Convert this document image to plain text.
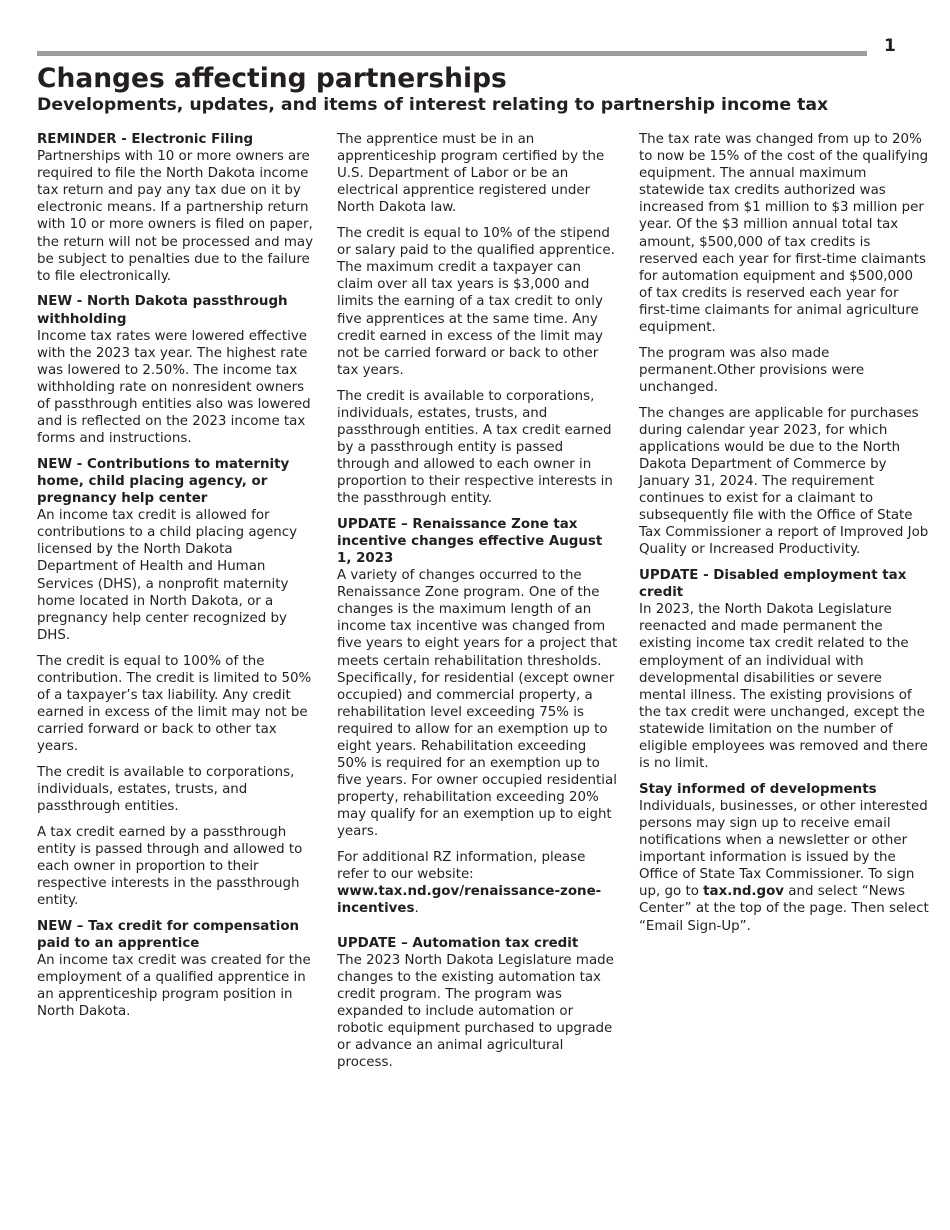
1
Changes affecting partnerships
Developments, updates, and items of interest relating to partnership income tax

REMINDER - Electronic Filing
Partnerships with 10 or more owners are required to file the North Dakota income tax return and pay any tax due on it by electronic means. If a partnership return with 10 or more owners is filed on paper, the return will not be processed and may be subject to penalties due to the failure to file electronically.

NEW - North Dakota passthrough withholding
Income tax rates were lowered effective with the 2023 tax year. The highest rate was lowered to 2.50%. The income tax withholding rate on nonresident owners of passthrough entities also was lowered and is reflected on the 2023 income tax forms and instructions.

NEW - Contributions to maternity home, child placing agency, or pregnancy help center
An income tax credit is allowed for contributions to a child placing agency licensed by the North Dakota Department of Health and Human Services (DHS), a nonprofit maternity home located in North Dakota, or a pregnancy help center recognized by DHS.

The credit is equal to 100% of the contribution. The credit is limited to 50% of a taxpayer’s tax liability. Any credit earned in excess of the limit may not be carried forward or back to other tax years.

The credit is available to corporations, individuals, estates, trusts, and passthrough entities.

A tax credit earned by a passthrough entity is passed through and allowed to each owner in proportion to their respective interests in the passthrough entity.

NEW – Tax credit for compensation paid to an apprentice
An income tax credit was created for the employment of a qualified apprentice in an apprenticeship program position in North Dakota.

The apprentice must be in an apprenticeship program certified by the U.S. Department of Labor or be an electrical apprentice registered under North Dakota law.

The credit is equal to 10% of the stipend or salary paid to the qualified apprentice. The maximum credit a taxpayer can claim over all tax years is $3,000 and limits the earning of a tax credit to only five apprentices at the same time. Any credit earned in excess of the limit may not be carried forward or back to other tax years.

The credit is available to corporations, individuals, estates, trusts, and passthrough entities. A tax credit earned by a passthrough entity is passed through and allowed to each owner in proportion to their respective interests in the passthrough entity.

UPDATE – Renaissance Zone tax incentive changes effective August 1, 2023
A variety of changes occurred to the Renaissance Zone program. One of the changes is the maximum length of an income tax incentive was changed from five years to eight years for a project that meets certain rehabilitation thresholds. Specifically, for residential (except owner occupied) and commercial property, a rehabilitation level exceeding 75% is required to allow for an exemption up to eight years. Rehabilitation exceeding 50% is required for an exemption up to five years. For owner occupied residential property, rehabilitation exceeding 20% may qualify for an exemption up to eight years.

For additional RZ information, please refer to our website: www.tax.nd.gov/renaissance-zone-incentives.

UPDATE – Automation tax credit
The 2023 North Dakota Legislature made changes to the existing automation tax credit program. The program was expanded to include automation or robotic equipment purchased to upgrade or advance an animal agricultural process.

The tax rate was changed from up to 20% to now be 15% of the cost of the qualifying equipment. The annual maximum statewide tax credits authorized was increased from $1 million to $3 million per year. Of the $3 million annual total tax amount, $500,000 of tax credits is reserved each year for first-time claimants for automation equipment and $500,000 of tax credits is reserved each year for first-time claimants for animal agriculture equipment.

The program was also made permanent.Other provisions were unchanged.

The changes are applicable for purchases during calendar year 2023, for which applications would be due to the North Dakota Department of Commerce by January 31, 2024. The requirement continues to exist for a claimant to subsequently file with the Office of State Tax Commissioner a report of Improved Job Quality or Increased Productivity.

UPDATE - Disabled employment tax credit
In 2023, the North Dakota Legislature reenacted and made permanent the existing income tax credit related to the employment of an individual with developmental disabilities or severe mental illness. The existing provisions of the tax credit were unchanged, except the statewide limitation on the number of eligible employees was removed and there is no limit.

Stay informed of developments
Individuals, businesses, or other interested persons may sign up to receive email notifications when a newsletter or other important information is issued by the Office of State Tax Commissioner. To sign up, go to tax.nd.gov and select “News Center” at the top of the page. Then select “Email Sign-Up”.
